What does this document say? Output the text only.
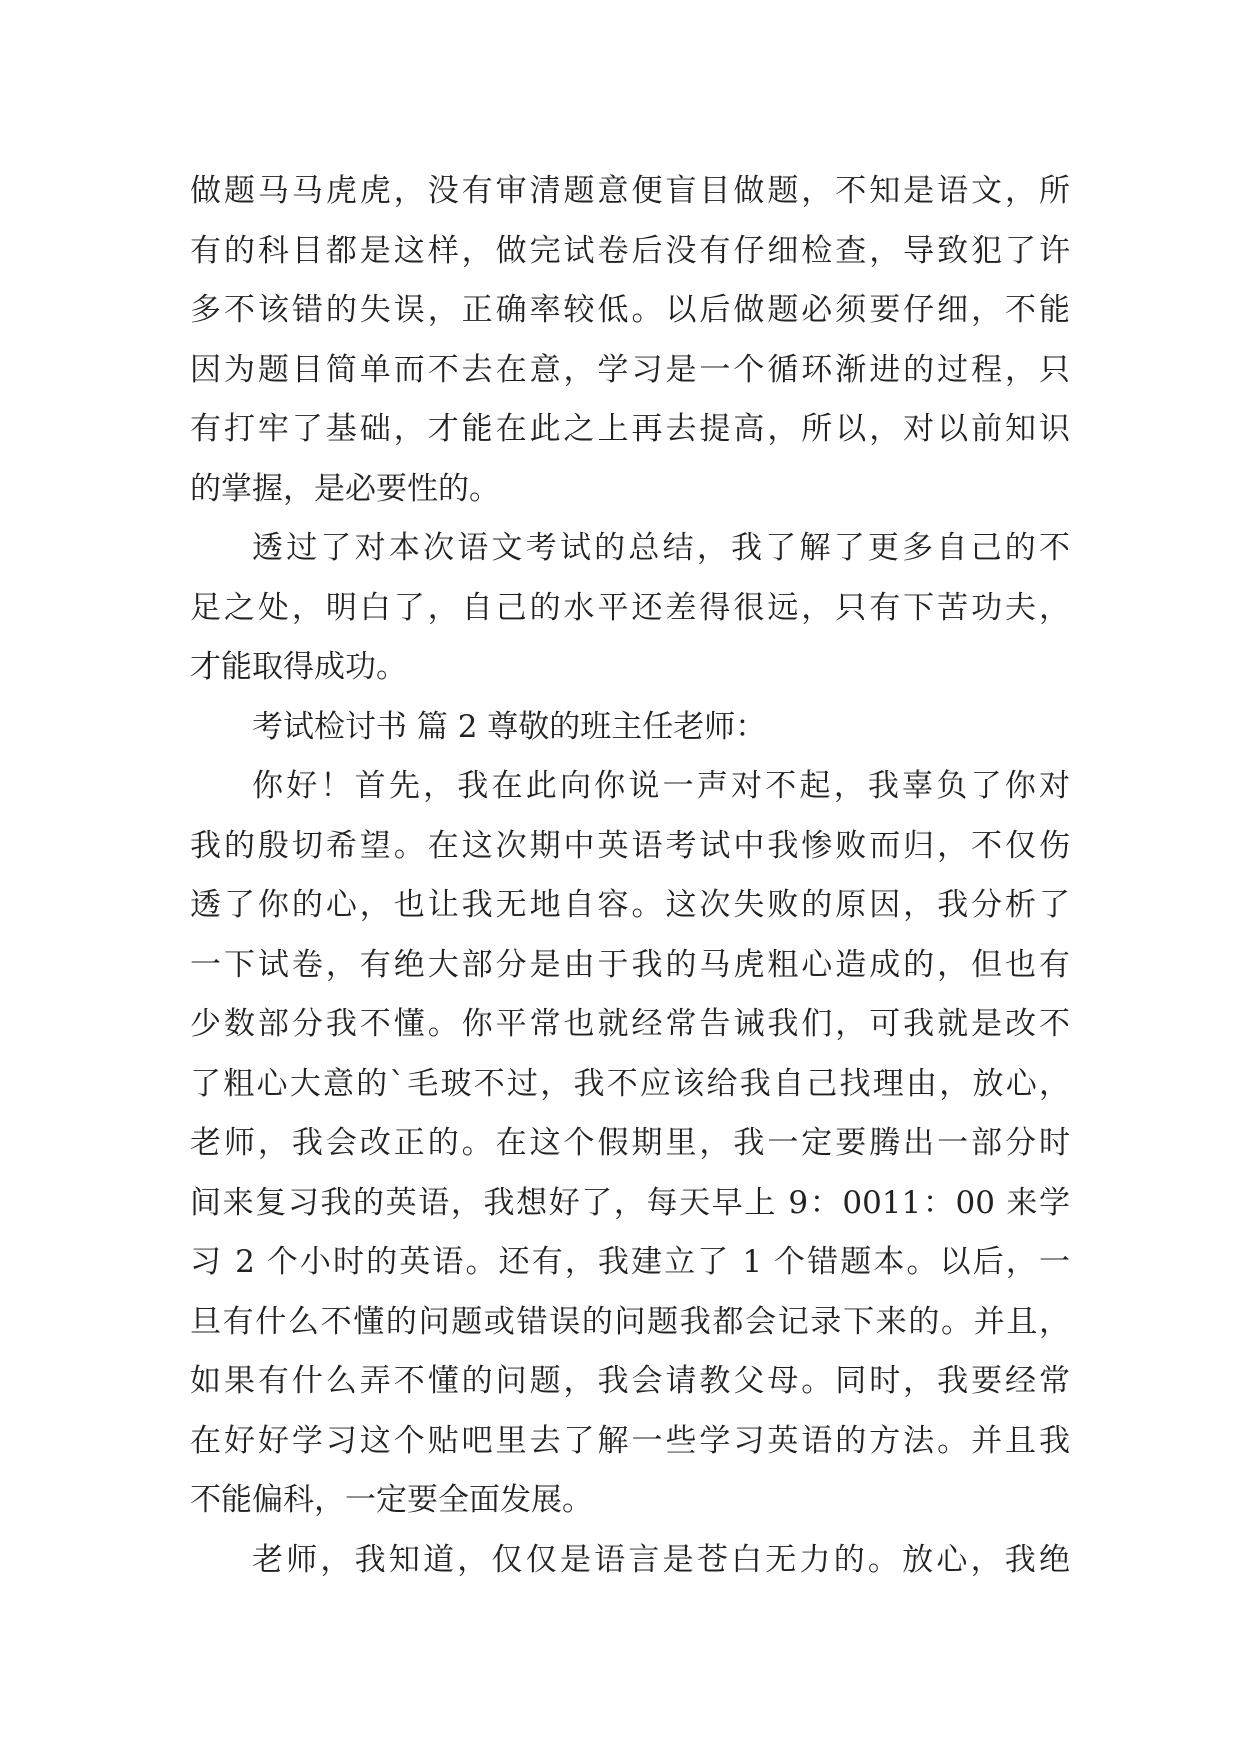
做题马马虎虎，没有审清题意便盲目做题，不知是语文，所
有的科目都是这样，做完试卷后没有仔细检查，导致犯了许
多不该错的失误，正确率较低。以后做题必须要仔细，不能
因为题目简单而不去在意，学习是一个循环渐进的过程，只
有打牢了基础，才能在此之上再去提高，所以，对以前知识
的掌握，是必要性的。
透过了对本次语文考试的总结，我了解了更多自己的不
足之处，明白了，自己的水平还差得很远，只有下苦功夫，
才能取得成功。
考试检讨书 篇 2 尊敬的班主任老师：
你好！首先，我在此向你说一声对不起，我辜负了你对
我的殷切希望。在这次期中英语考试中我惨败而归，不仅伤
透了你的心，也让我无地自容。这次失败的原因，我分析了
一下试卷，有绝大部分是由于我的马虎粗心造成的，但也有
少数部分我不懂。你平常也就经常告诫我们，可我就是改不
了粗心大意的`毛玻不过，我不应该给我自己找理由，放心，
老师，我会改正的。在这个假期里，我一定要腾出一部分时
间来复习我的英语，我想好了，每天早上 9：0011：00 来学
习 2 个小时的英语。还有，我建立了 1 个错题本。以后，一
旦有什么不懂的问题或错误的问题我都会记录下来的。并且，
如果有什么弄不懂的问题，我会请教父母。同时，我要经常
在好好学习这个贴吧里去了解一些学习英语的方法。并且我
不能偏科，一定要全面发展。
老师，我知道，仅仅是语言是苍白无力的。放心，我绝
